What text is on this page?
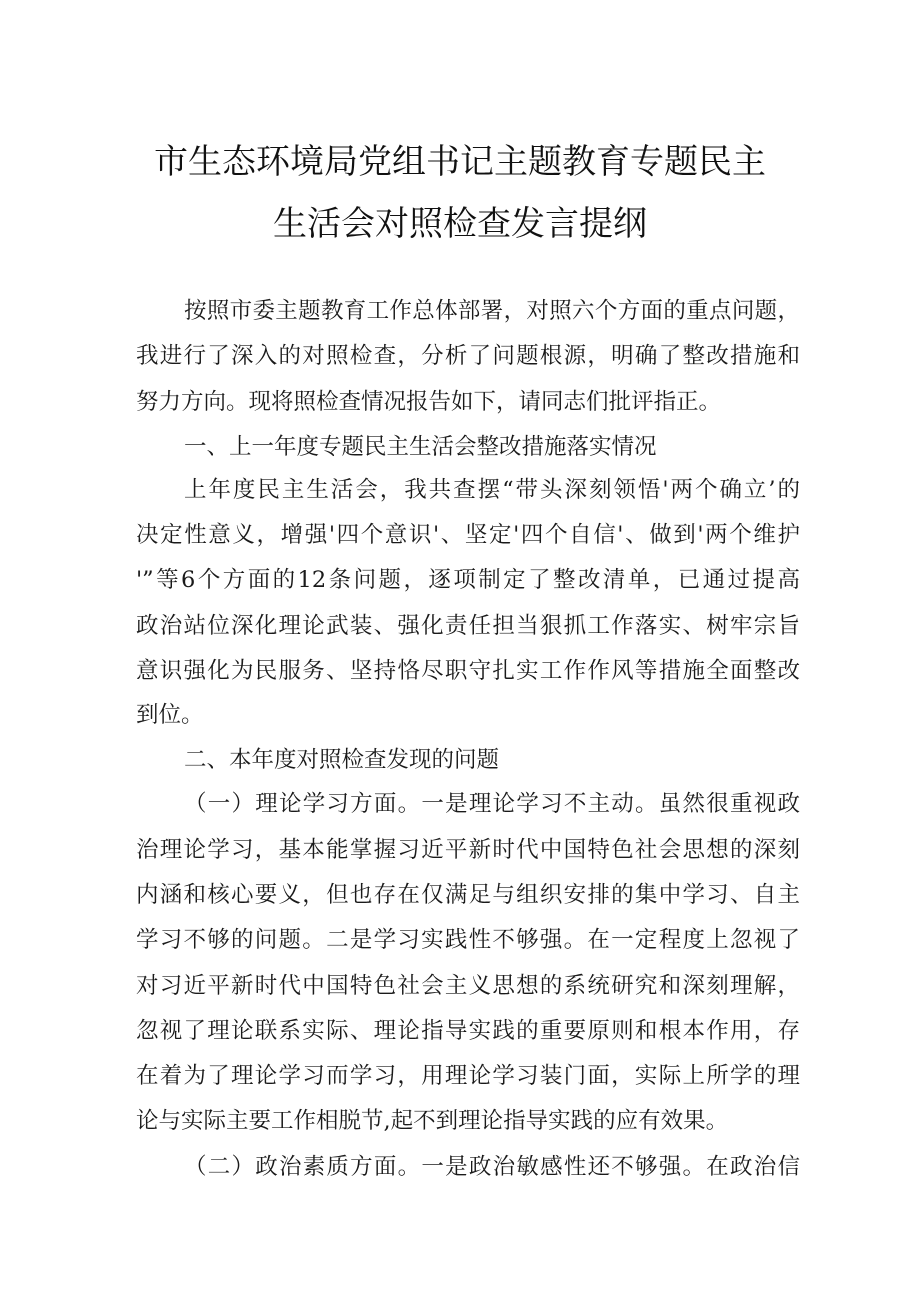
市生态环境局党组书记主题教育专题民主
生活会对照检查发言提纲
按照市委主题教育工作总体部署，对照六个方面的重点问题，
我进行了深入的对照检查，分析了问题根源，明确了整改措施和
努力方向。现将照检查情况报告如下，请同志们批评指正。
一、上一年度专题民主生活会整改措施落实情况
上年度民主生活会，我共查摆“带头深刻领悟'两个确立’的
决定性意义，增强'四个意识'、坚定'四个自信'、做到'两个维护
'”等6个方面的12条问题，逐项制定了整改清单，已通过提高
政治站位深化理论武装、强化责任担当狠抓工作落实、树牢宗旨
意识强化为民服务、坚持恪尽职守扎实工作作风等措施全面整改
到位。
二、本年度对照检查发现的问题
（一）理论学习方面。一是理论学习不主动。虽然很重视政
治理论学习，基本能掌握习近平新时代中国特色社会思想的深刻
内涵和核心要义，但也存在仅满足与组织安排的集中学习、自主
学习不够的问题。二是学习实践性不够强。在一定程度上忽视了
对习近平新时代中国特色社会主义思想的系统研究和深刻理解，
忽视了理论联系实际、理论指导实践的重要原则和根本作用，存
在着为了理论学习而学习，用理论学习装门面，实际上所学的理
论与实际主要工作相脱节,起不到理论指导实践的应有效果。
（二）政治素质方面。一是政治敏感性还不够强。在政治信
